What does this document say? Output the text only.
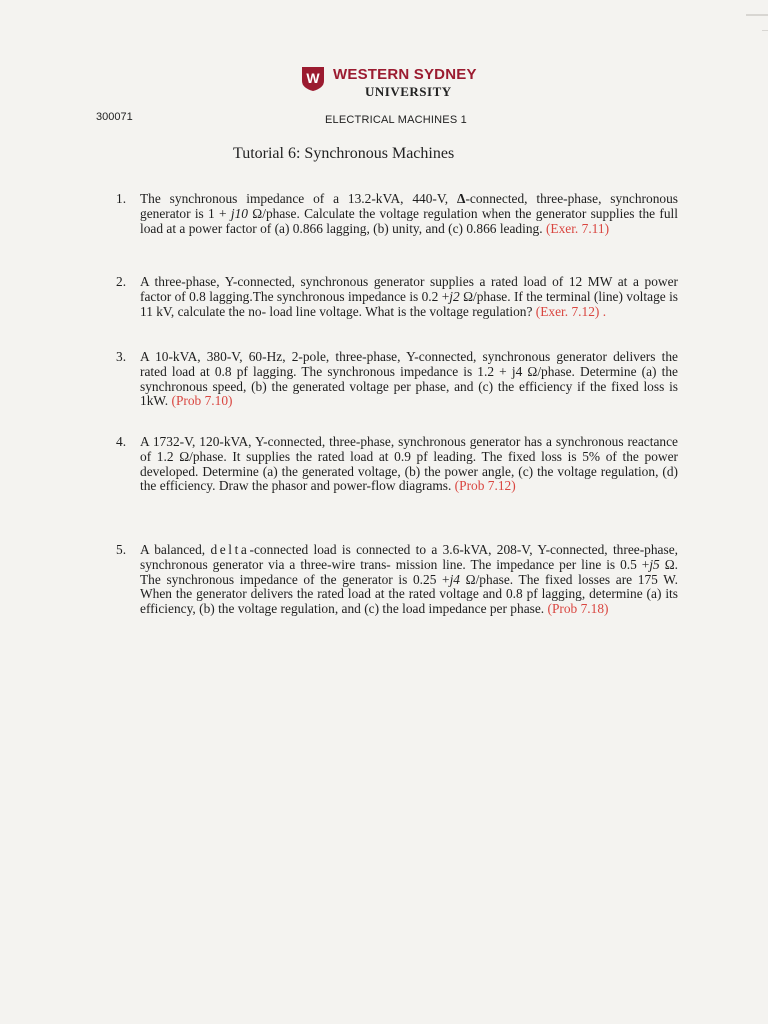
W WESTERN SYDNEY
UNIVERSITY
300071	ELECTRICAL MACHINES 1
Tutorial 6: Synchronous Machines
1. The synchronous impedance of a 13.2-kVA, 440-V, Δ-connected, three-phase, synchronous generator is 1 + j10 Ω/phase. Calculate the voltage regulation when the generator supplies the full load at a power factor of (a) 0.866 lagging, (b) unity, and (c) 0.866 leading. (Exer. 7.11)
2. A three-phase, Y-connected, synchronous generator supplies a rated load of 12 MW at a power factor of 0.8 lagging.The synchronous impedance is 0.2 +j2 Ω/phase. If the terminal (line) voltage is 11 kV, calculate the no- load line voltage. What is the voltage regulation? (Exer. 7.12) .
3. A 10-kVA, 380-V, 60-Hz, 2-pole, three-phase, Y-connected, synchronous generator delivers the rated load at 0.8 pf lagging. The synchronous impedance is 1.2 + j4 Ω/phase. Determine (a) the synchronous speed, (b) the generated voltage per phase, and (c) the efficiency if the fixed loss is 1kW. (Prob 7.10)
4. A 1732-V, 120-kVA, Y-connected, three-phase, synchronous generator has a synchronous reactance of 1.2 Ω/phase. It supplies the rated load at 0.9 pf leading. The fixed loss is 5% of the power developed. Determine (a) the generated voltage, (b) the power angle, (c) the voltage regulation, (d) the efficiency. Draw the phasor and power-flow diagrams. (Prob 7.12)
5. A balanced, delta-connected load is connected to a 3.6-kVA, 208-V, Y-connected, three-phase, synchronous generator via a three-wire trans- mission line. The impedance per line is 0.5 +j5 Ω. The synchronous impedance of the generator is 0.25 +j4 Ω/phase. The fixed losses are 175 W. When the generator delivers the rated load at the rated voltage and 0.8 pf lagging, determine (a) its efficiency, (b) the voltage regulation, and (c) the load impedance per phase. (Prob 7.18)
